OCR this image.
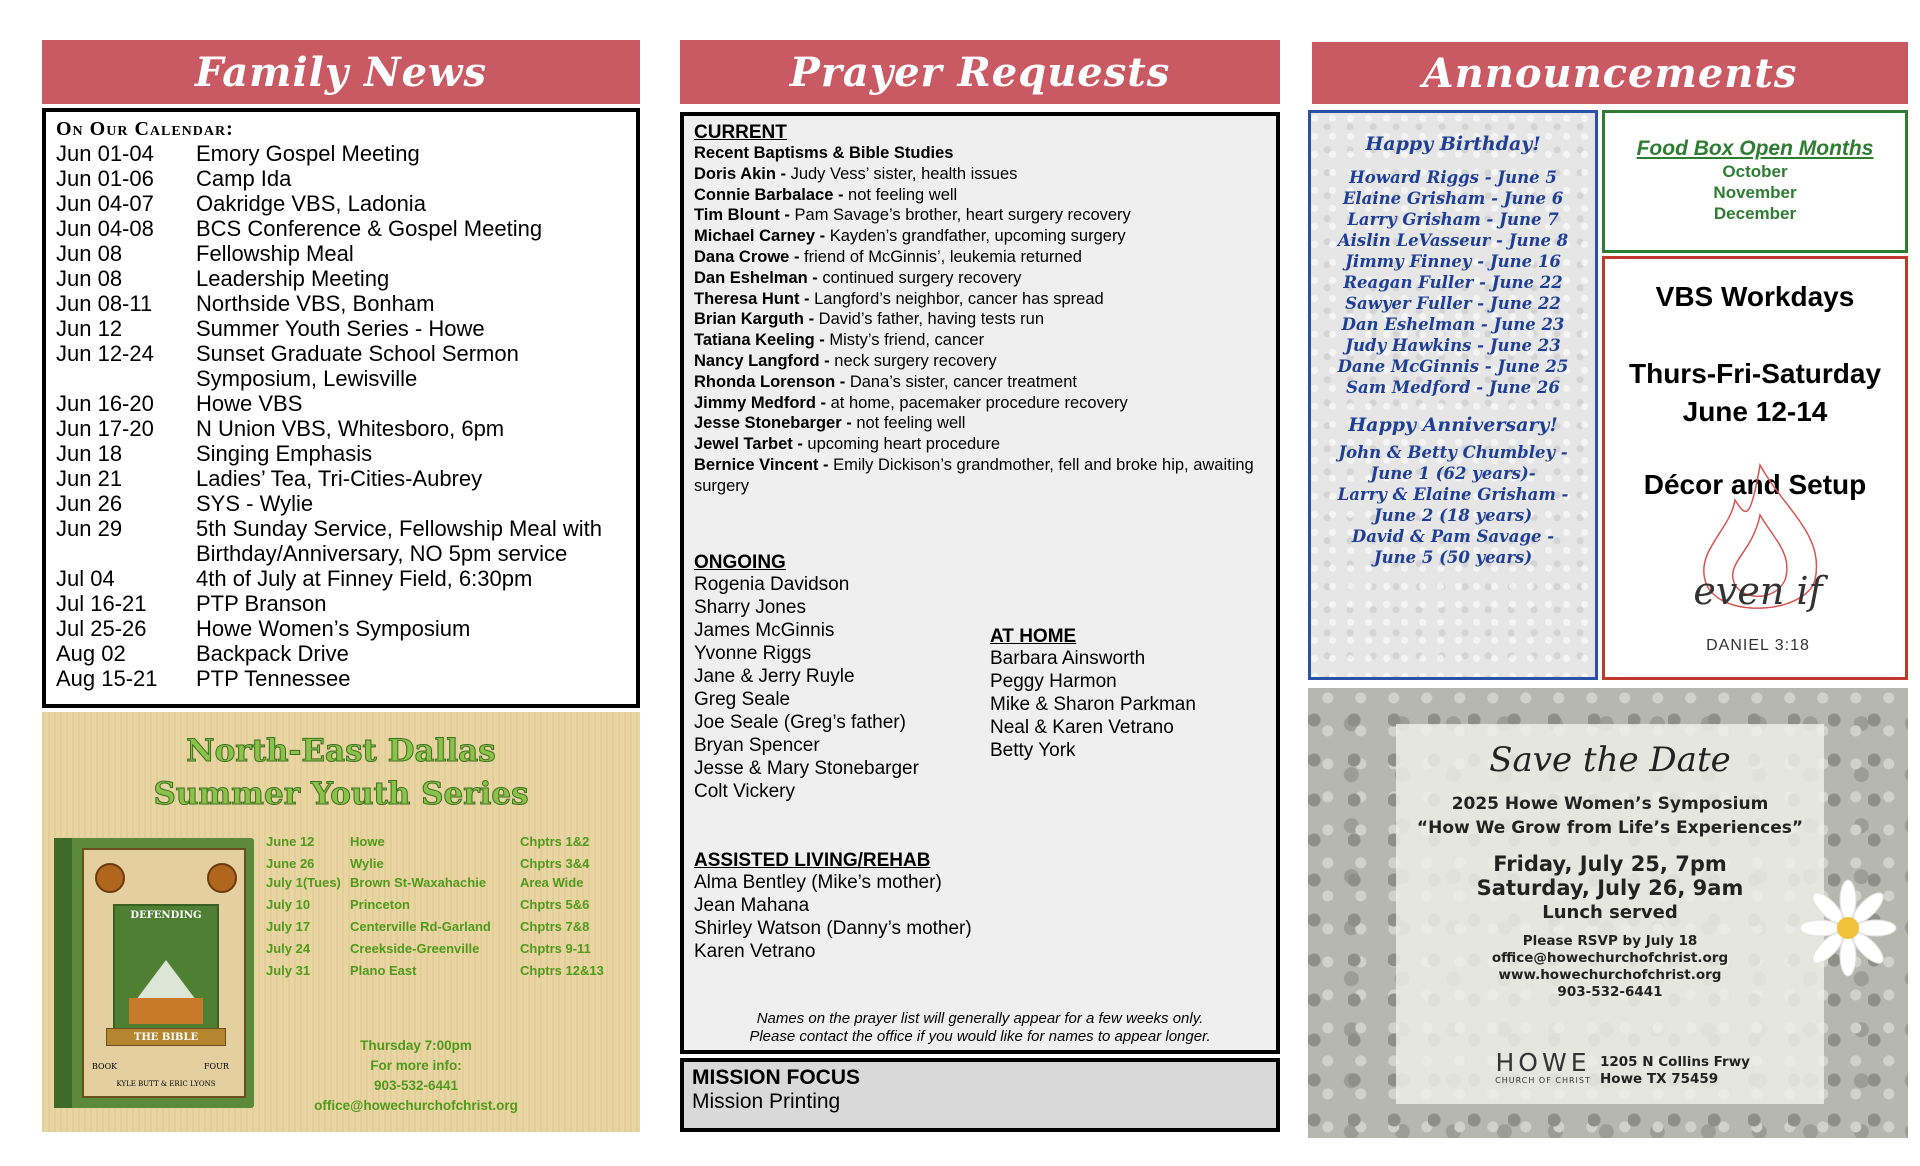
Family News
On Our Calendar:
Jun 01-04	Emory Gospel Meeting
Jun 01-06	Camp Ida
Jun 04-07	Oakridge VBS, Ladonia
Jun 04-08	BCS Conference & Gospel Meeting
Jun 08	Fellowship Meal
Jun 08	Leadership Meeting
Jun 08-11	Northside VBS, Bonham
Jun 12	Summer Youth Series - Howe
Jun 12-24	Sunset Graduate School Sermon
Symposium, Lewisville
Jun 16-20	Howe VBS
Jun 17-20	N Union VBS, Whitesboro, 6pm
Jun 18	Singing Emphasis
Jun 21	Ladies’ Tea, Tri-Cities-Aubrey
Jun 26	SYS - Wylie
Jun 29	5th Sunday Service, Fellowship Meal with
Birthday/Anniversary, NO 5pm service
Jul 04	4th of July at Finney Field, 6:30pm
Jul 16-21	PTP Branson
Jul 25-26	Howe Women’s Symposium
Aug 02	Backpack Drive
Aug 15-21	PTP Tennessee
North-East Dallas
Summer Youth Series
DEFENDING
THE BIBLE
BOOK	FOUR
KYLE BUTT & ERIC LYONS
June 12	Howe	Chptrs 1&2
June 26	Wylie	Chptrs 3&4
July 1(Tues) Brown St-Waxahachie	Area Wide
July 10	Princeton	Chptrs 5&6
July 17	Centerville Rd-Garland	Chptrs 7&8
July 24	Creekside-Greenville	Chptrs 9-11
July 31	Plano East	Chptrs 12&13
Thursday 7:00pm
For more info:
903-532-6441
office@howechurchofchrist.org
Prayer Requests
CURRENT
Recent Baptisms & Bible Studies
Doris Akin - Judy Vess’ sister, health issues
Connie Barbalace - not feeling well
Tim Blount - Pam Savage’s brother, heart surgery recovery
Michael Carney - Kayden’s grandfather, upcoming surgery
Dana Crowe - friend of McGinnis’, leukemia returned
Dan Eshelman - continued surgery recovery
Theresa Hunt - Langford’s neighbor, cancer has spread
Brian Karguth - David’s father, having tests run
Tatiana Keeling - Misty’s friend, cancer
Nancy Langford - neck surgery recovery
Rhonda Lorenson - Dana’s sister, cancer treatment
Jimmy Medford - at home, pacemaker procedure recovery
Jesse Stonebarger - not feeling well
Jewel Tarbet - upcoming heart procedure
Bernice Vincent - Emily Dickison’s grandmother, fell and broke hip, awaiting surgery
ONGOING
Rogenia Davidson
Sharry Jones
James McGinnis
Yvonne Riggs
Jane & Jerry Ruyle
Greg Seale
Joe Seale (Greg’s father)
Bryan Spencer
Jesse & Mary Stonebarger
Colt Vickery
AT HOME
Barbara Ainsworth
Peggy Harmon
Mike & Sharon Parkman
Neal & Karen Vetrano
Betty York
ASSISTED LIVING/REHAB
Alma Bentley (Mike’s mother)
Jean Mahana
Shirley Watson (Danny’s mother)
Karen Vetrano
Names on the prayer list will generally appear for a few weeks only.
Please contact the office if you would like for names to appear longer.
MISSION FOCUS
Mission Printing
Announcements
Happy Birthday!
Howard Riggs - June 5
Elaine Grisham - June 6
Larry Grisham - June 7
Aislin LeVasseur - June 8
Jimmy Finney - June 16
Reagan Fuller - June 22
Sawyer Fuller - June 22
Dan Eshelman - June 23
Judy Hawkins - June 23
Dane McGinnis - June 25
Sam Medford - June 26
Happy Anniversary!
John & Betty Chumbley -
June 1 (62 years)-
Larry & Elaine Grisham -
June 2 (18 years)
David & Pam Savage -
June 5 (50 years)
Food Box Open Months
October
November
December
VBS Workdays
Thurs-Fri-Saturday
June 12-14
Décor and Setup
even if
DANIEL 3:18
Save the Date
2025 Howe Women’s Symposium
“How We Grow from Life’s Experiences”
Friday, July 25, 7pm
Saturday, July 26, 9am
Lunch served
Please RSVP by July 18
office@howechurchofchrist.org
www.howechurchofchrist.org
903-532-6441
HOWE
CHURCH OF CHRIST
1205 N Collins Frwy
Howe TX 75459
